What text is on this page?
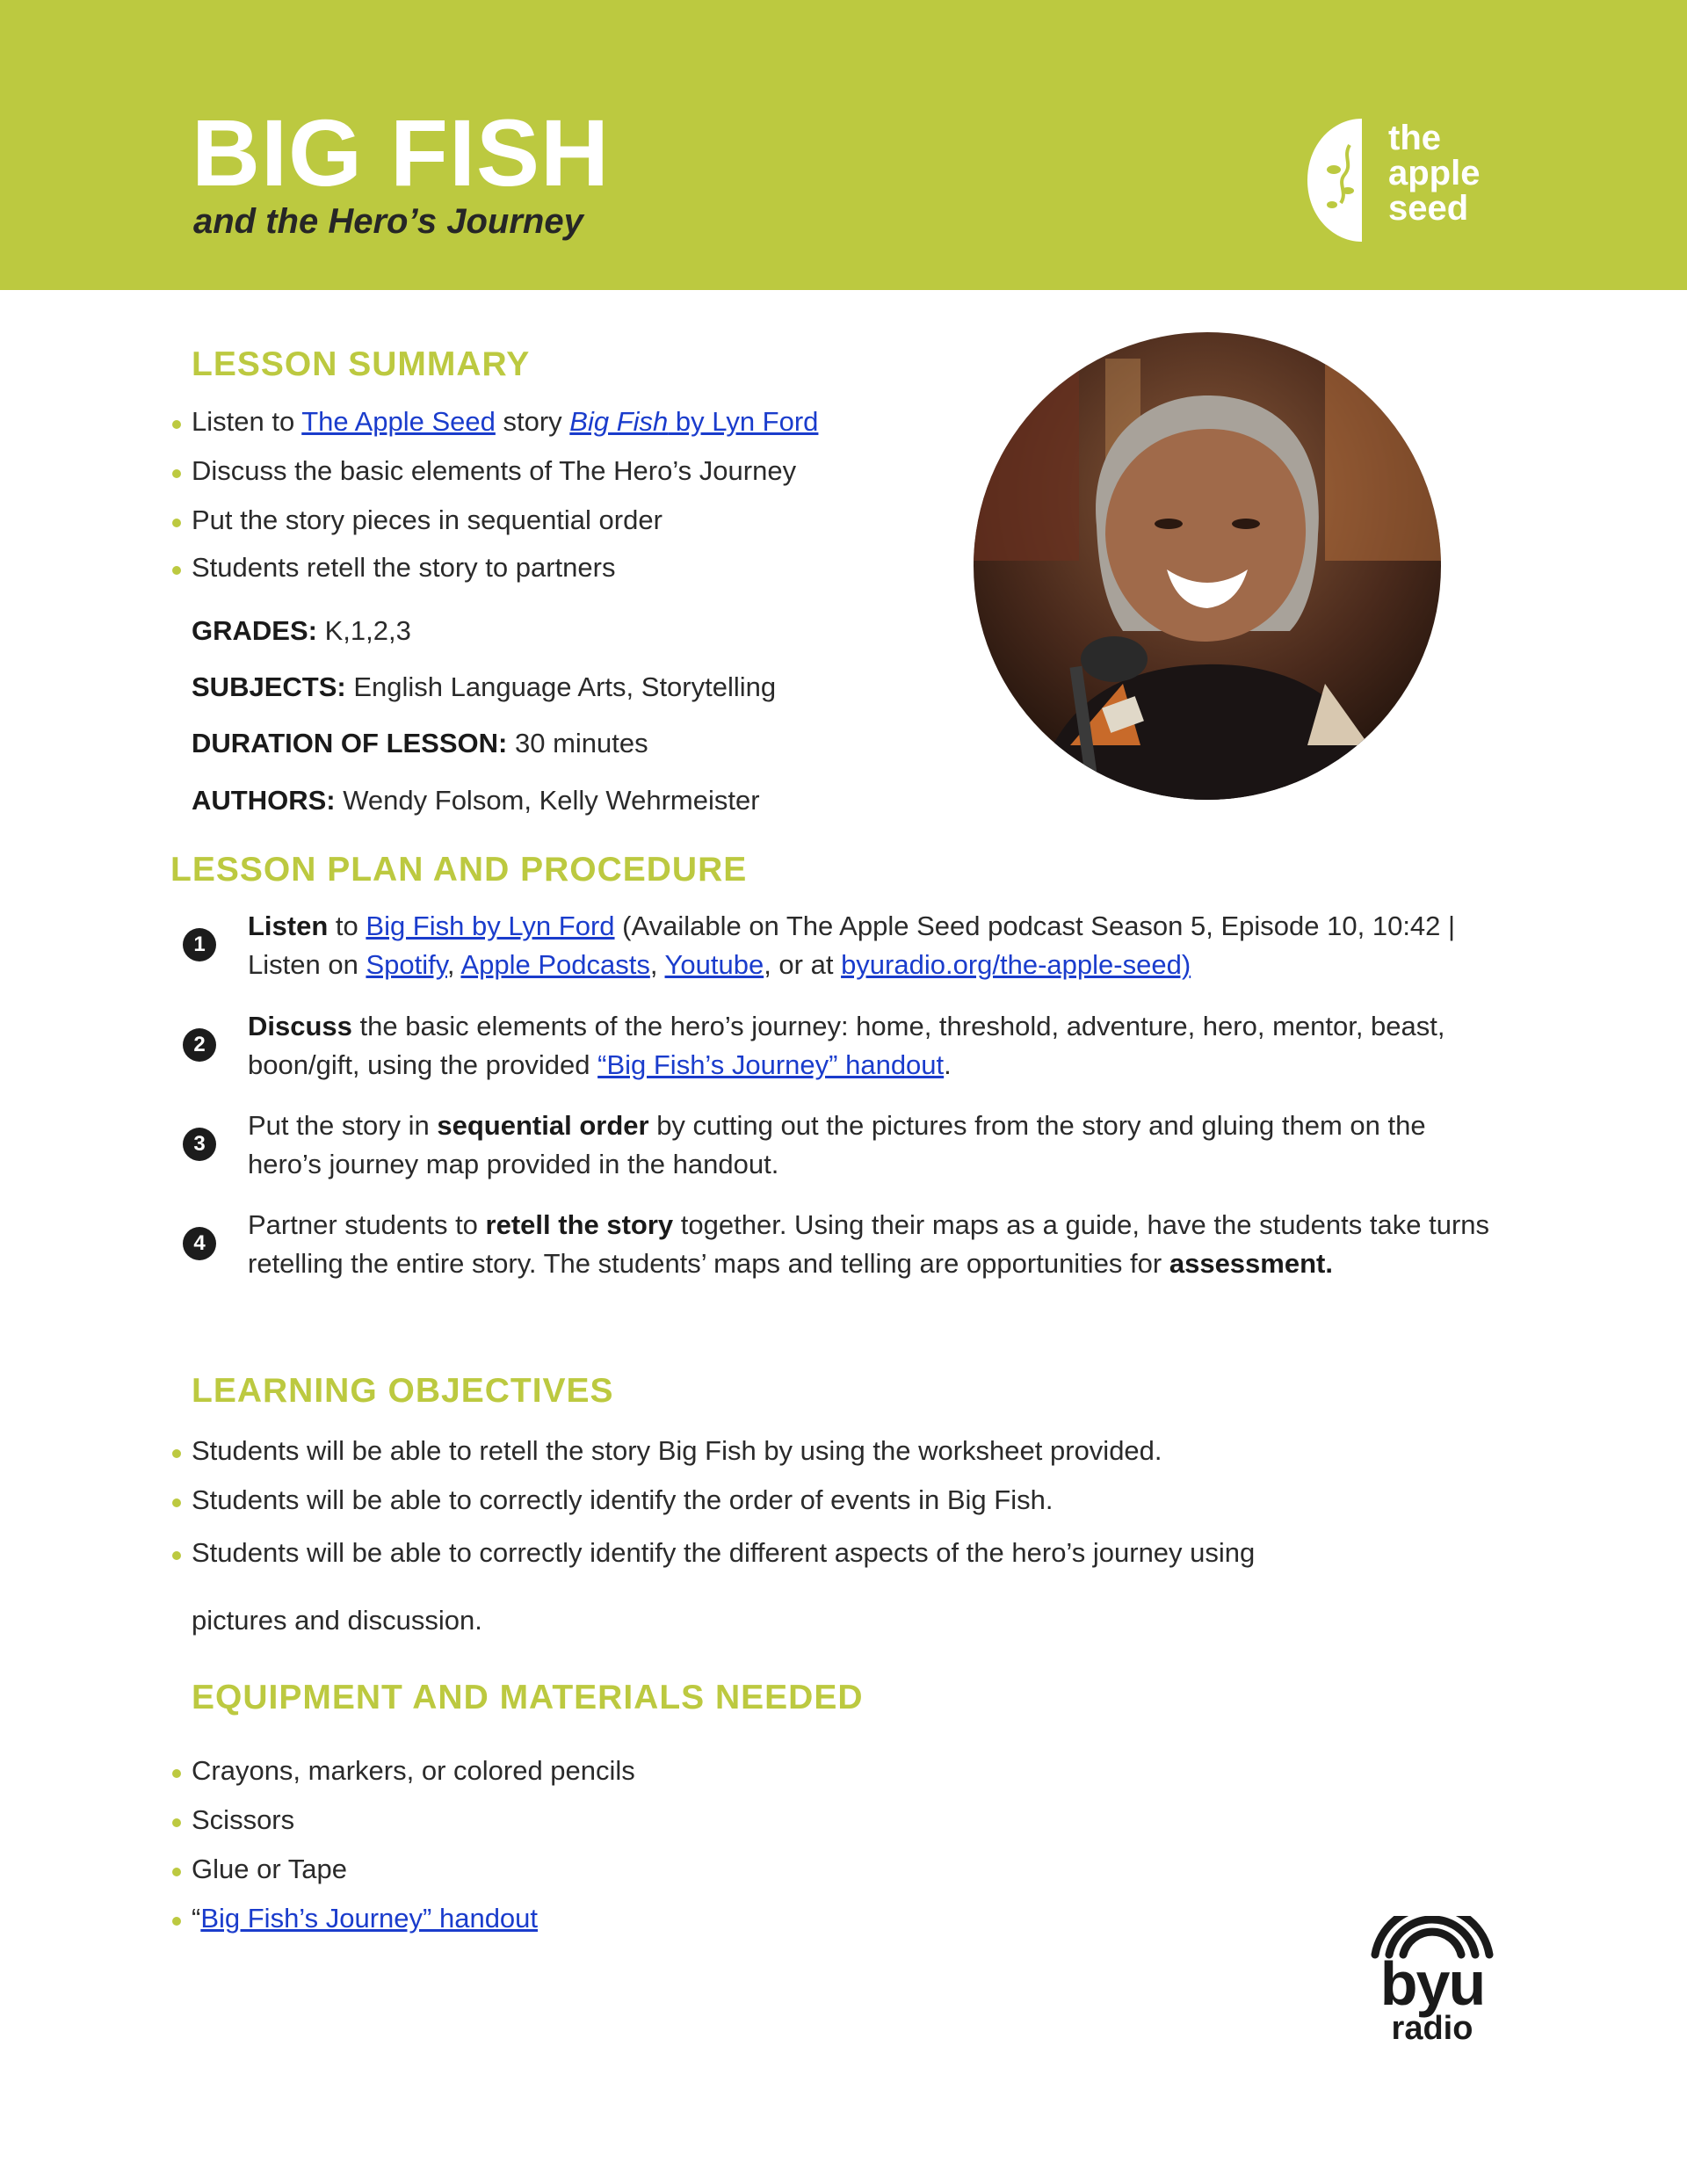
BIG FISH
and the Hero’s Journey
the
apple
seed
LESSON SUMMARY
Listen to The Apple Seed story Big Fish by Lyn Ford
Discuss the basic elements of The Hero’s Journey
Put the story pieces in sequential order
Students retell the story to partners
GRADES: K,1,2,3
SUBJECTS: English Language Arts, Storytelling
DURATION OF LESSON: 30 minutes
AUTHORS: Wendy Folsom, Kelly Wehrmeister
LESSON PLAN AND PROCEDURE
1
Listen to Big Fish by Lyn Ford (Available on The Apple Seed podcast Season 5, Episode 10, 10:42 | Listen on Spotify, Apple Podcasts, Youtube, or at byuradio.org/the-apple-seed)
2
Discuss the basic elements of the hero’s journey: home, threshold, adventure, hero, mentor, beast, boon/gift, using the provided “Big Fish’s Journey” handout.
3
Put the story in sequential order by cutting out the pictures from the story and gluing them on the hero’s journey map provided in the handout.
4
Partner students to retell the story together. Using their maps as a guide, have the students take turns retelling the entire story. The students’ maps and telling are opportunities for assessment.
LEARNING OBJECTIVES
Students will be able to retell the story Big Fish by using the worksheet provided.
Students will be able to correctly identify the order of events in Big Fish.
Students will be able to correctly identify the different aspects of the hero’s journey using
pictures and discussion.
EQUIPMENT AND MATERIALS NEEDED
Crayons, markers, or colored pencils
Scissors
Glue or Tape
“Big Fish’s Journey” handout
byu
radio
